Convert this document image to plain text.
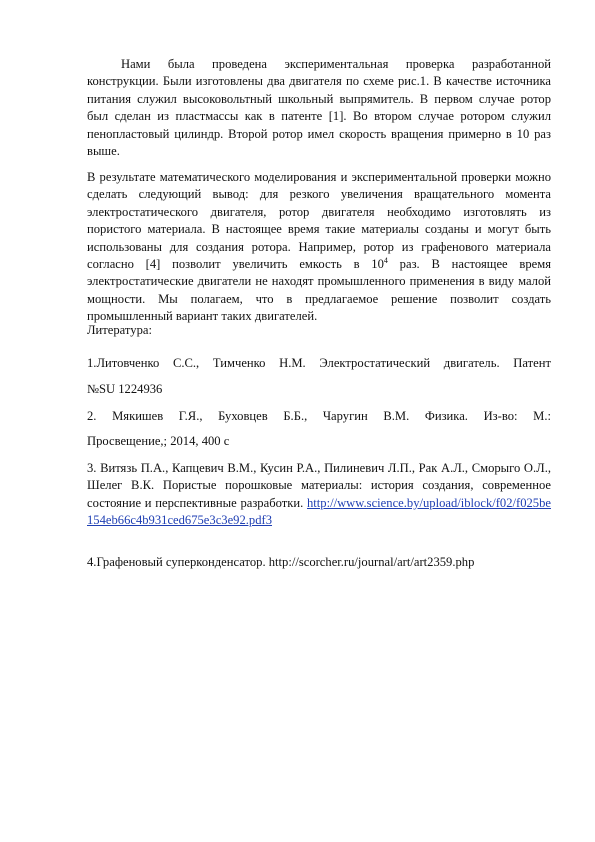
Нами была проведена экспериментальная проверка разработанной конструкции. Были изготовлены два двигателя по схеме рис.1. В качестве источника питания служил высоковольтный школьный выпрямитель. В первом случае ротор был сделан из пластмассы как в патенте [1]. Во втором случае ротором служил пенопластовый цилиндр. Второй ротор имел скорость вращения примерно в 10 раз выше.

В результате математического моделирования и экспериментальной проверки можно сделать следующий вывод: для резкого увеличения вращательного момента электростатического двигателя, ротор двигателя необходимо изготовлять из пористого материала. В настоящее время такие материалы созданы и могут быть использованы для создания ротора. Например, ротор из графенового материала согласно [4] позволит увеличить емкость в $10^4$ раз. В настоящее время электростатические двигатели не находят промышленного применения в виду малой мощности. Мы полагаем, что в предлагаемое решение позволит создать промышленный вариант таких двигателей.

Литература:

1.Литовченко С.С., Тимченко Н.М. Электростатический двигатель. Патент

№SU 1224936

2. Мякишев Г.Я., Буховцев Б.Б., Чаругин В.М. Физика. Из-во: М.:

Просвещение,; 2014, 400 с

3. Витязь П.А., Капцевич В.М., Кусин Р.А., Пилиневич Л.П., Рак А.Л., Сморыго О.Л., Шелег В.К. Пористые порошковые материалы: история создания, современное состояние и перспективные разработки. http://www.science.by/upload/iblock/f02/f025be154eb66c4b931ced675e3c3e92.pdf3

4.Графеновый суперконденсатор. http://scorcher.ru/journal/art/art2359.php
